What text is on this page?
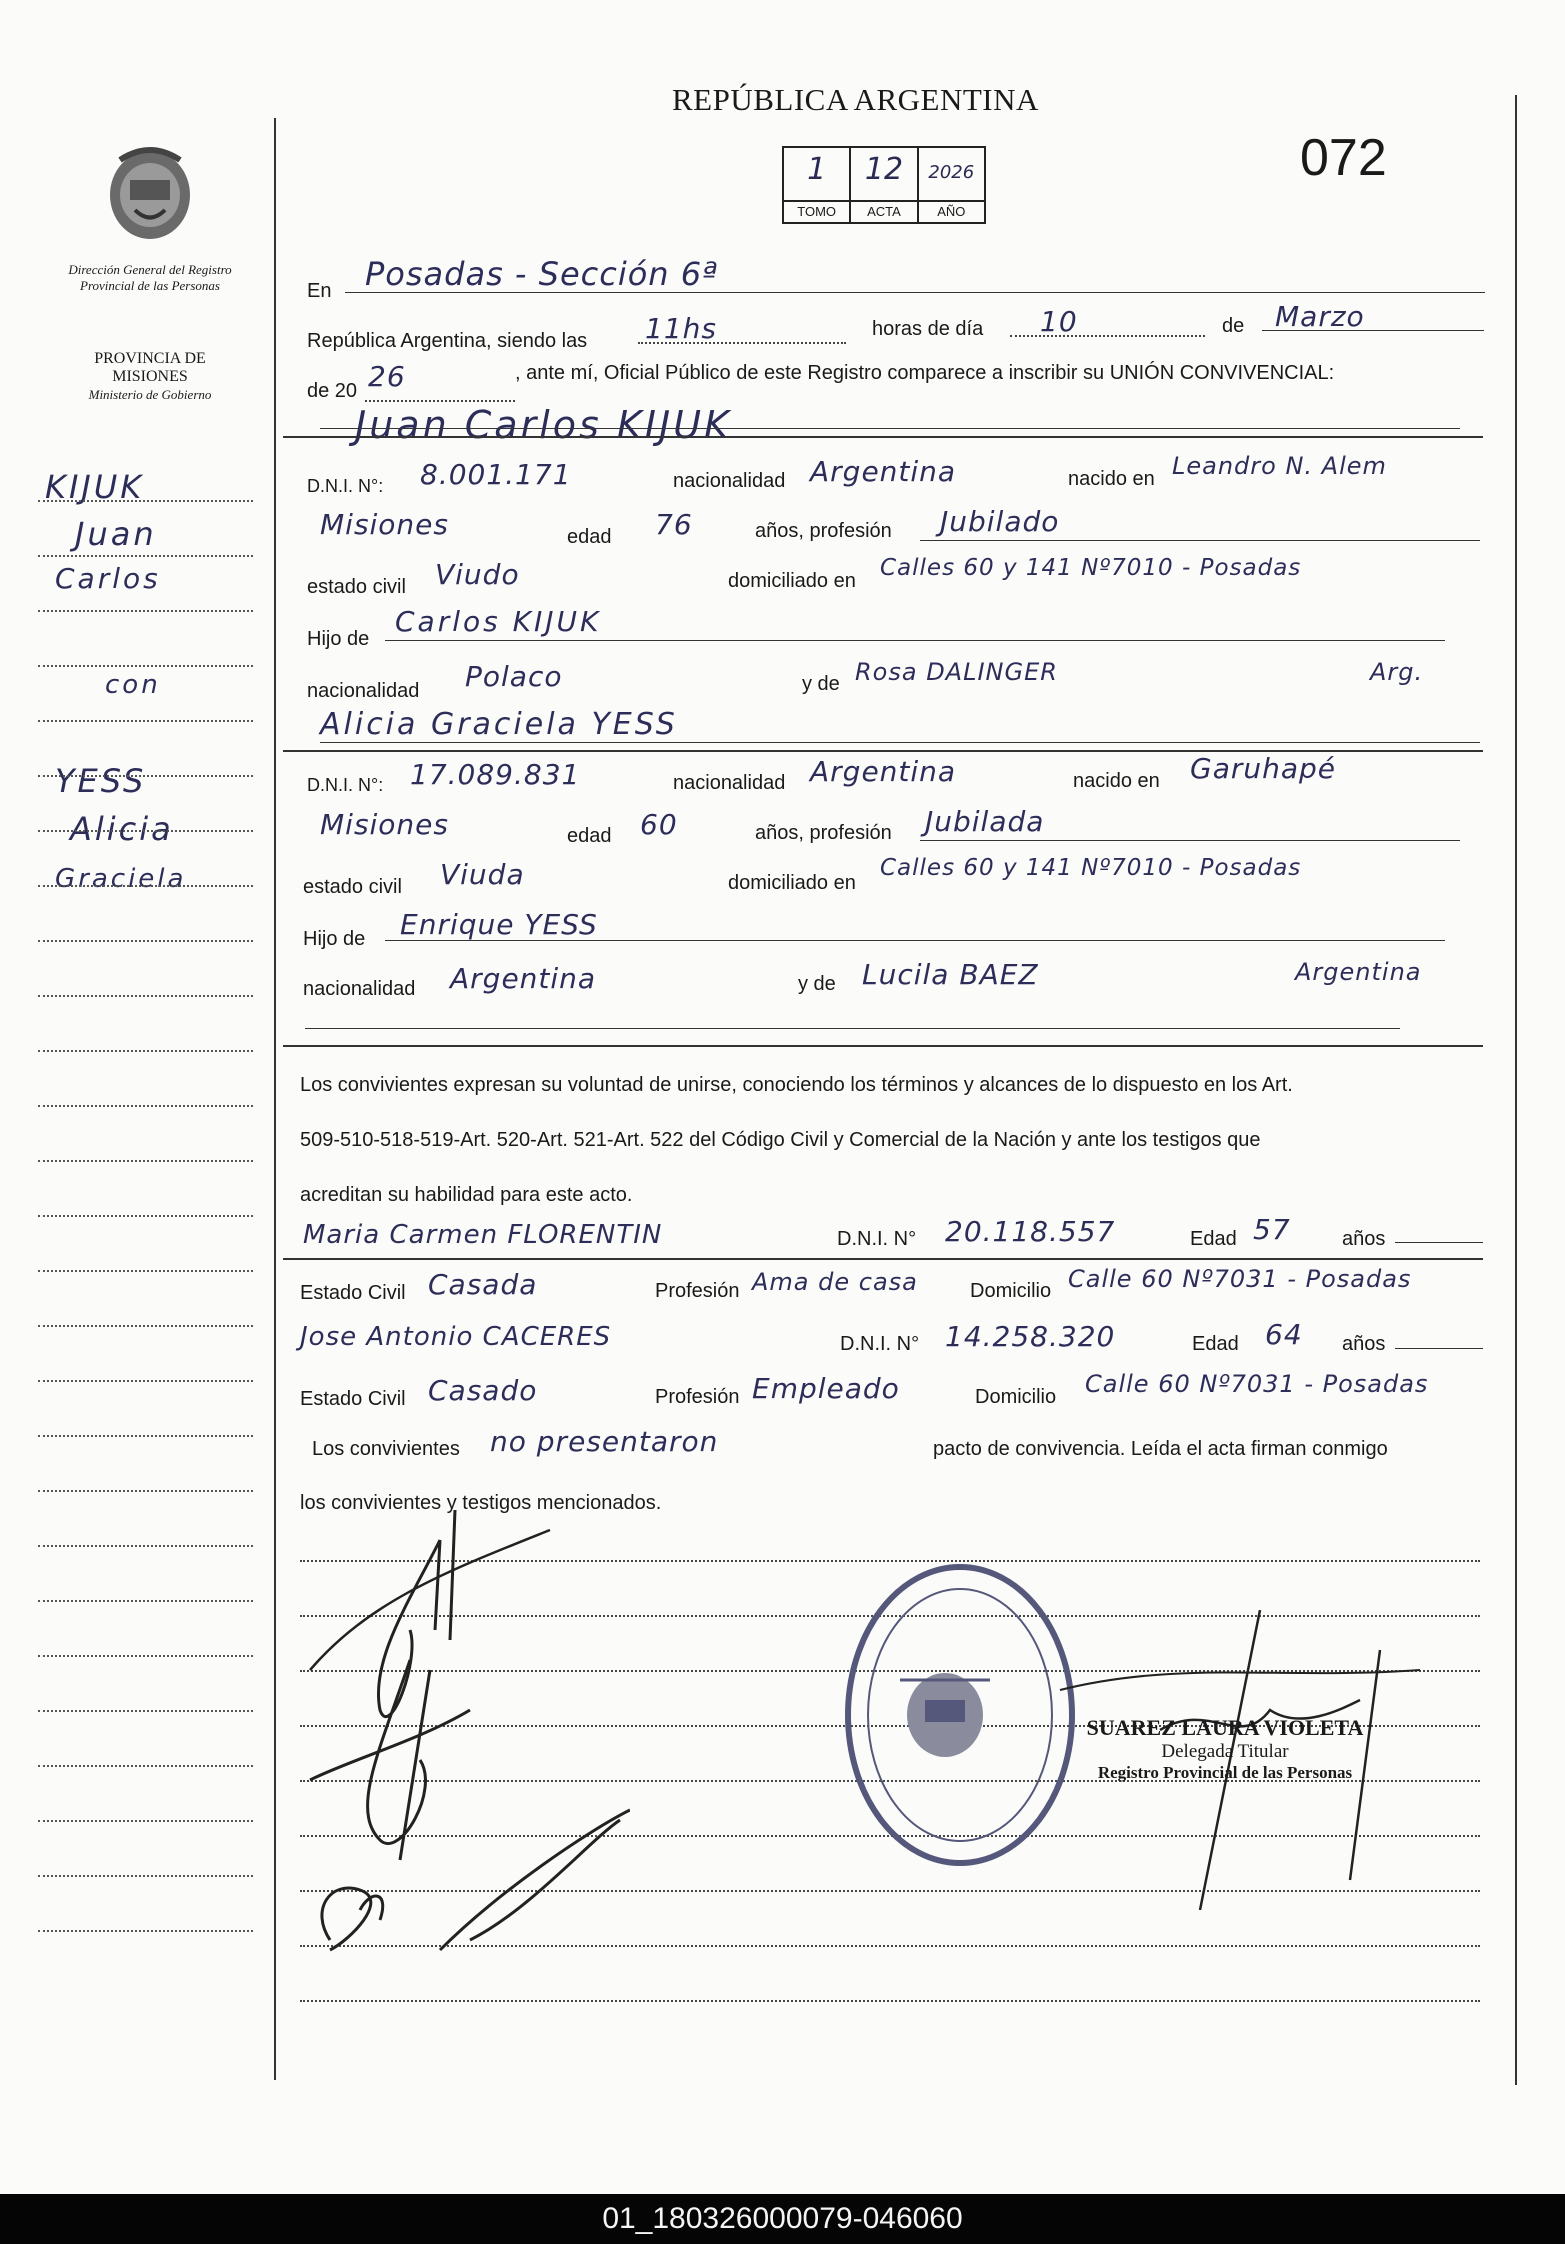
REPÚBLICA ARGENTINA
072
1
TOMO
12
ACTA
2026
AÑO
Dirección General del Registro Provincial de las Personas
PROVINCIA DE MISIONES
Ministerio de Gobierno
KIJUK
Juan
Carlos
con
YESS
Alicia
Graciela
En Posadas - Sección 6ª
República Argentina, siendo las 11hs	horas de día 10	de Marzo
de 20 26	, ante mí, Oficial Público de este Registro comparece a inscribir su UNIÓN CONVIVENCIAL:
Juan Carlos KIJUK
D.N.I. N°: 8.001.171	nacionalidad Argentina	nacido en Leandro N. Alem
Misiones	edad 76	años, profesión Jubilado
estado civil Viudo	domiciliado en Calles 60 y 141 Nº7010 - Posadas
Hijo de
Carlos KIJUK
nacionalidad Polaco	y de Rosa DALINGER	Arg.
Alicia Graciela YESS
D.N.I. N°: 17.089.831	nacionalidad Argentina	nacido en Garuhapé
Misiones	edad 60	años, profesión Jubilada
estado civil Viuda	domiciliado en
Calles 60 y 141 Nº7010 - Posadas
Hijo de Enrique YESS
nacionalidad Argentina	y de Lucila BAEZ	Argentina
Los convivientes expresan su voluntad de unirse, conociendo los términos y alcances de lo dispuesto en los Art.
509-510-518-519-Art. 520-Art. 521-Art. 522 del Código Civil y Comercial de la Nación y ante los testigos que
acreditan su habilidad para este acto.
Maria Carmen FLORENTIN	D.N.I. N° 20.118.557	Edad 57	años
Estado Civil Casada	Profesión Ama de casa	Domicilio Calle 60 Nº7031 - Posadas
Jose Antonio CACERES	D.N.I. N° 14.258.320	Edad 64 años
Estado Civil Casado	Profesión Empleado	Domicilio Calle 60 Nº7031 - Posadas
Los convivientes no presentaron	pacto de convivencia. Leída el acta firman conmigo
los convivientes y testigos mencionados.
SUAREZ LAURA VIOLETA
Delegada Titular
Registro Provincial de las Personas
01_180326000079-046060
